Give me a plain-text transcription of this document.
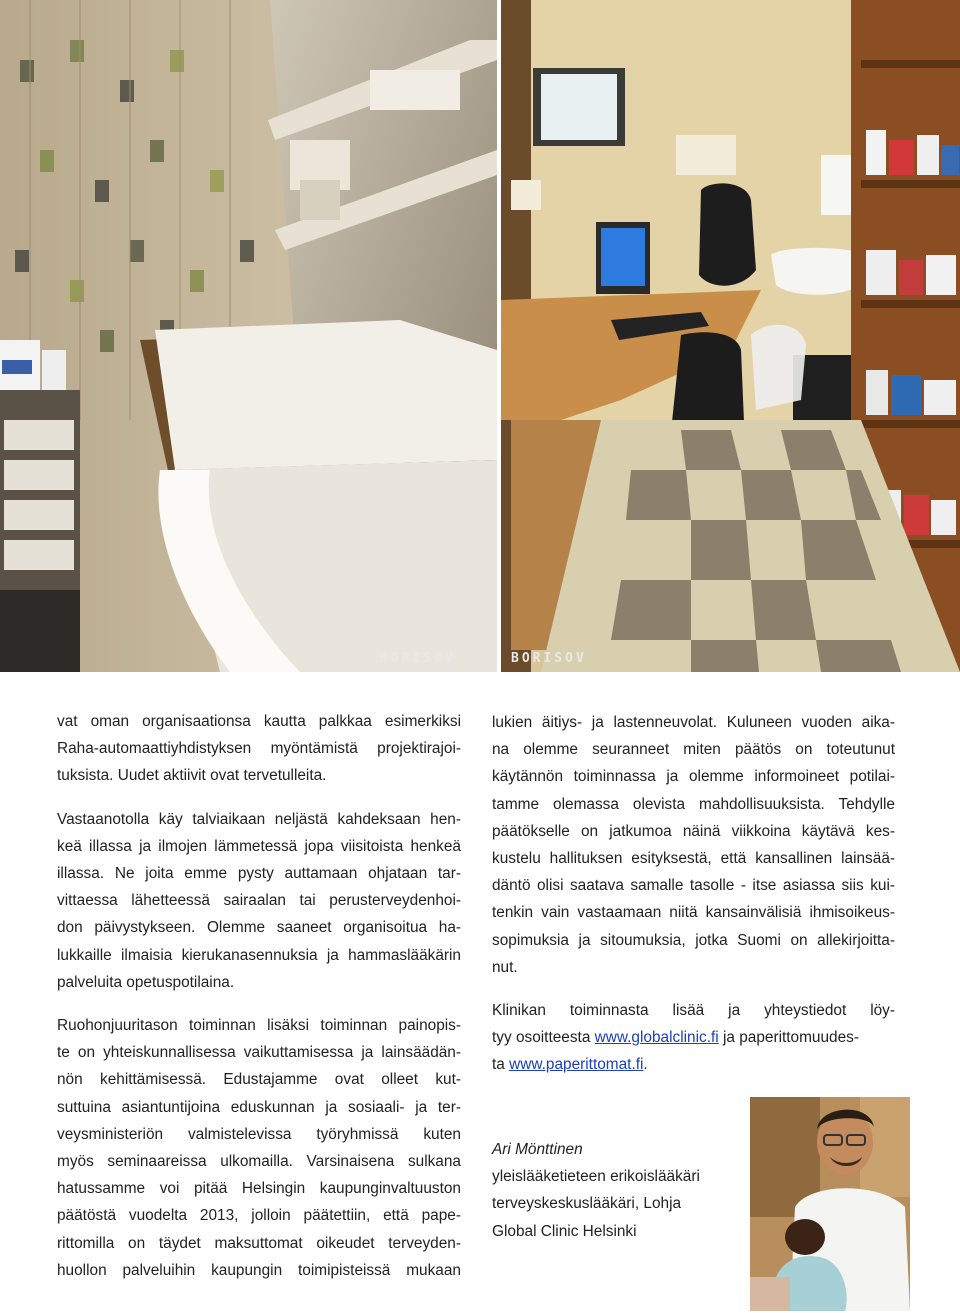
BORISOV	BORISOV

vat oman organisaationsa kautta palkkaa esimerkiksi
Raha-automaattiyhdistyksen myöntämistä projektirajoi-
tuksista. Uudet aktiivit ovat tervetulleita.

Vastaanotolla käy talviaikaan neljästä kahdeksaan hen-
keä illassa ja ilmojen lämmetessä jopa viisitoista henkeä
illassa. Ne joita emme pysty auttamaan ohjataan tar-
vittaessa lähetteessä sairaalan tai perusterveydenhoi-
don päivystykseen. Olemme saaneet organisoitua ha-
lukkaille ilmaisia kierukanasennuksia ja hammaslääkärin
palveluita opetuspotilaina.

Ruohonjuuritason toiminnan lisäksi toiminnan painopis-
te on yhteiskunnallisessa vaikuttamisessa ja lainsäädän-
nön kehittämisessä. Edustajamme ovat olleet kut-
suttuina asiantuntijoina eduskunnan ja sosiaali- ja ter-
veysministeriön valmistelevissa työryhmissä kuten
myös seminaareissa ulkomailla. Varsinaisena sulkana
hatussamme voi pitää Helsingin kaupunginvaltuuston
päätöstä vuodelta 2013, jolloin päätettiin, että pape-
rittomilla on täydet maksuttomat oikeudet terveyden-
huollon palveluihin kaupungin toimipisteissä mukaan

lukien äitiys- ja lastenneuvolat. Kuluneen vuoden aika-
na olemme seuranneet miten päätös on toteutunut
käytännön toiminnassa ja olemme informoineet potilai-
tamme olemassa olevista mahdollisuuksista. Tehdylle
päätökselle on jatkumoa näinä viikkoina käytävä kes-
kustelu hallituksen esityksestä, että kansallinen lainsää-
däntö olisi saatava samalle tasolle - itse asiassa siis kui-
tenkin vain vastaamaan niitä kansainvälisiä ihmisoikeus-
sopimuksia ja sitoumuksia, jotka Suomi on allekirjoitta-
nut.

Klinikan toiminnasta lisää ja yhteystiedot löy-
tyy osoitteesta www.globalclinic.fi ja paperittomuudes-
ta www.paperittomat.fi.

Ari Mönttinen
yleislääketieteen erikoislääkäri
terveyskeskuslääkäri, Lohja
Global Clinic Helsinki
